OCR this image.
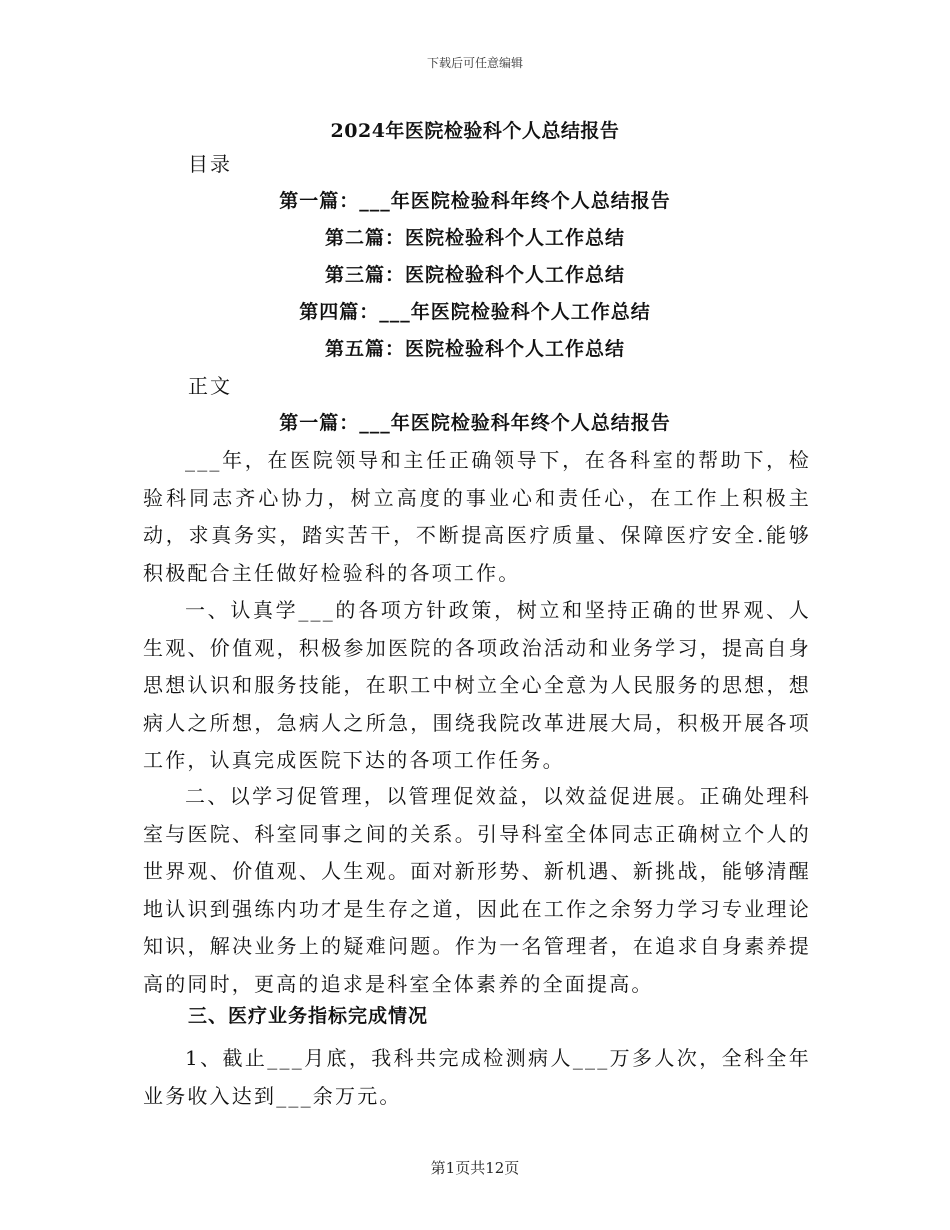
下载后可任意编辑
2024年医院检验科个人总结报告
目录
第一篇：___年医院检验科年终个人总结报告
第二篇：医院检验科个人工作总结
第三篇：医院检验科个人工作总结
第四篇：___年医院检验科个人工作总结
第五篇：医院检验科个人工作总结
正文
第一篇：___年医院检验科年终个人总结报告

___年，在医院领导和主任正确领导下，在各科室的帮助下，检验科同志齐心协力，树立高度的事业心和责任心，在工作上积极主动，求真务实，踏实苦干，不断提高医疗质量、保障医疗安全.能够积极配合主任做好检验科的各项工作。

一、认真学___的各项方针政策，树立和坚持正确的世界观、人生观、价值观，积极参加医院的各项政治活动和业务学习，提高自身思想认识和服务技能，在职工中树立全心全意为人民服务的思想，想病人之所想，急病人之所急，围绕我院改革进展大局，积极开展各项工作，认真完成医院下达的各项工作任务。

二、以学习促管理，以管理促效益，以效益促进展。正确处理科室与医院、科室同事之间的关系。引导科室全体同志正确树立个人的世界观、价值观、人生观。面对新形势、新机遇、新挑战，能够清醒地认识到强练内功才是生存之道，因此在工作之余努力学习专业理论知识，解决业务上的疑难问题。作为一名管理者，在追求自身素养提高的同时，更高的追求是科室全体素养的全面提高。

三、医疗业务指标完成情况

1、截止___月底，我科共完成检测病人___万多人次，全科全年业务收入达到___余万元。

第1页共12页
